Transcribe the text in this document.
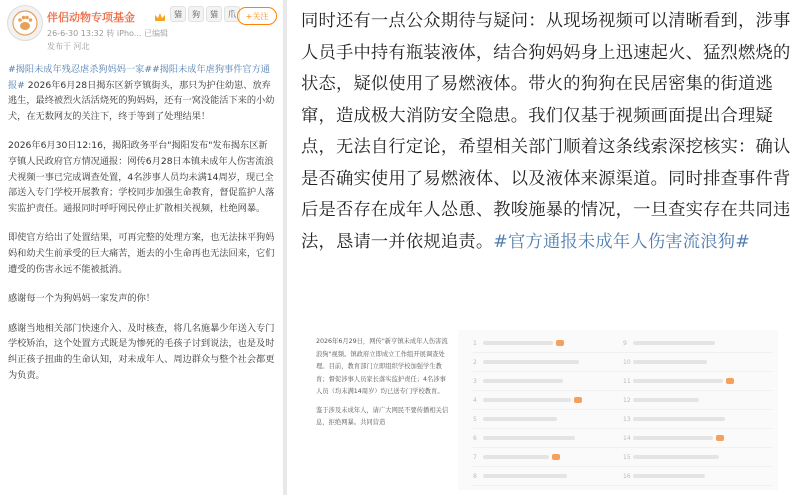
伴侣动物专项基金	猫	狗	猫	爪
26-6-30 13:32 转 iPho... 已编辑
发布于 河北
+关注

#揭阳未成年残忍虐杀狗妈妈一家##揭阳未成年虐狗事件官方通报# 2026年6月28日揭东区新亨镇街头，那只为护住幼崽、放弃逃生，最终被烈火活活烧死的狗妈妈，还有一窝没能活下来的小幼犬，在无数网友的关注下，终于等到了处理结果！

2026年6月30日12:16，揭阳政务平台"揭阳发布"发布揭东区新亨镇人民政府官方情况通报：网传6月28日本镇未成年人伤害流浪犬视频一事已完成调查处置，4名涉事人员均未满14周岁，现已全部送入专门学校开展教育；学校同步加强生命教育，督促监护人落实监护责任。通报同时呼吁网民停止扩散相关视频，杜绝网暴。

即使官方给出了处置结果，可再完整的处理方案，也无法抹平狗妈妈和幼犬生前承受的巨大痛苦，逝去的小生命再也无法回来，它们遭受的伤害永远不能被抵消。

感谢每一个为狗妈妈一家发声的你！

感谢当地相关部门快速介入、及时核查，将几名施暴少年送入专门学校矫治，这个处置方式既是为惨死的毛孩子讨到说法，也是及时纠正孩子扭曲的生命认知，对未成年人、周边群众与整个社会都更为负责。

同时还有一点公众期待与疑问：从现场视频可以清晰看到，涉事人员手中持有瓶装液体，结合狗妈妈身上迅速起火、猛烈燃烧的状态，疑似使用了易燃液体。带火的狗狗在民居密集的街道逃窜，造成极大消防安全隐患。我们仅基于视频画面提出合理疑点，无法自行定论，希望相关部门顺着这条线索深挖核实：确认是否确实使用了易燃液体、以及液体来源渠道。同时排查事件背后是否存在成年人怂恿、教唆施暴的情况，一旦查实存在共同违法，恳请一并依规追责。#官方通报未成年人伤害流浪狗#

2026年6月29日，网传"新亨镇未成年人伤害流浪狗"视频。镇政府立即成立工作组开展调查处理。目前，教育部门立即组织学校加强学生教育；督促涉事人员家长落实监护责任；4名涉事人员（均未满14周岁）均已送专门学校教育。

鉴于涉及未成年人，请广大网民不要传播相关信息，拒绝网暴。共同营造

1	9
2	10
3	11
4	12
5	13
6	14
7	15
8	16
